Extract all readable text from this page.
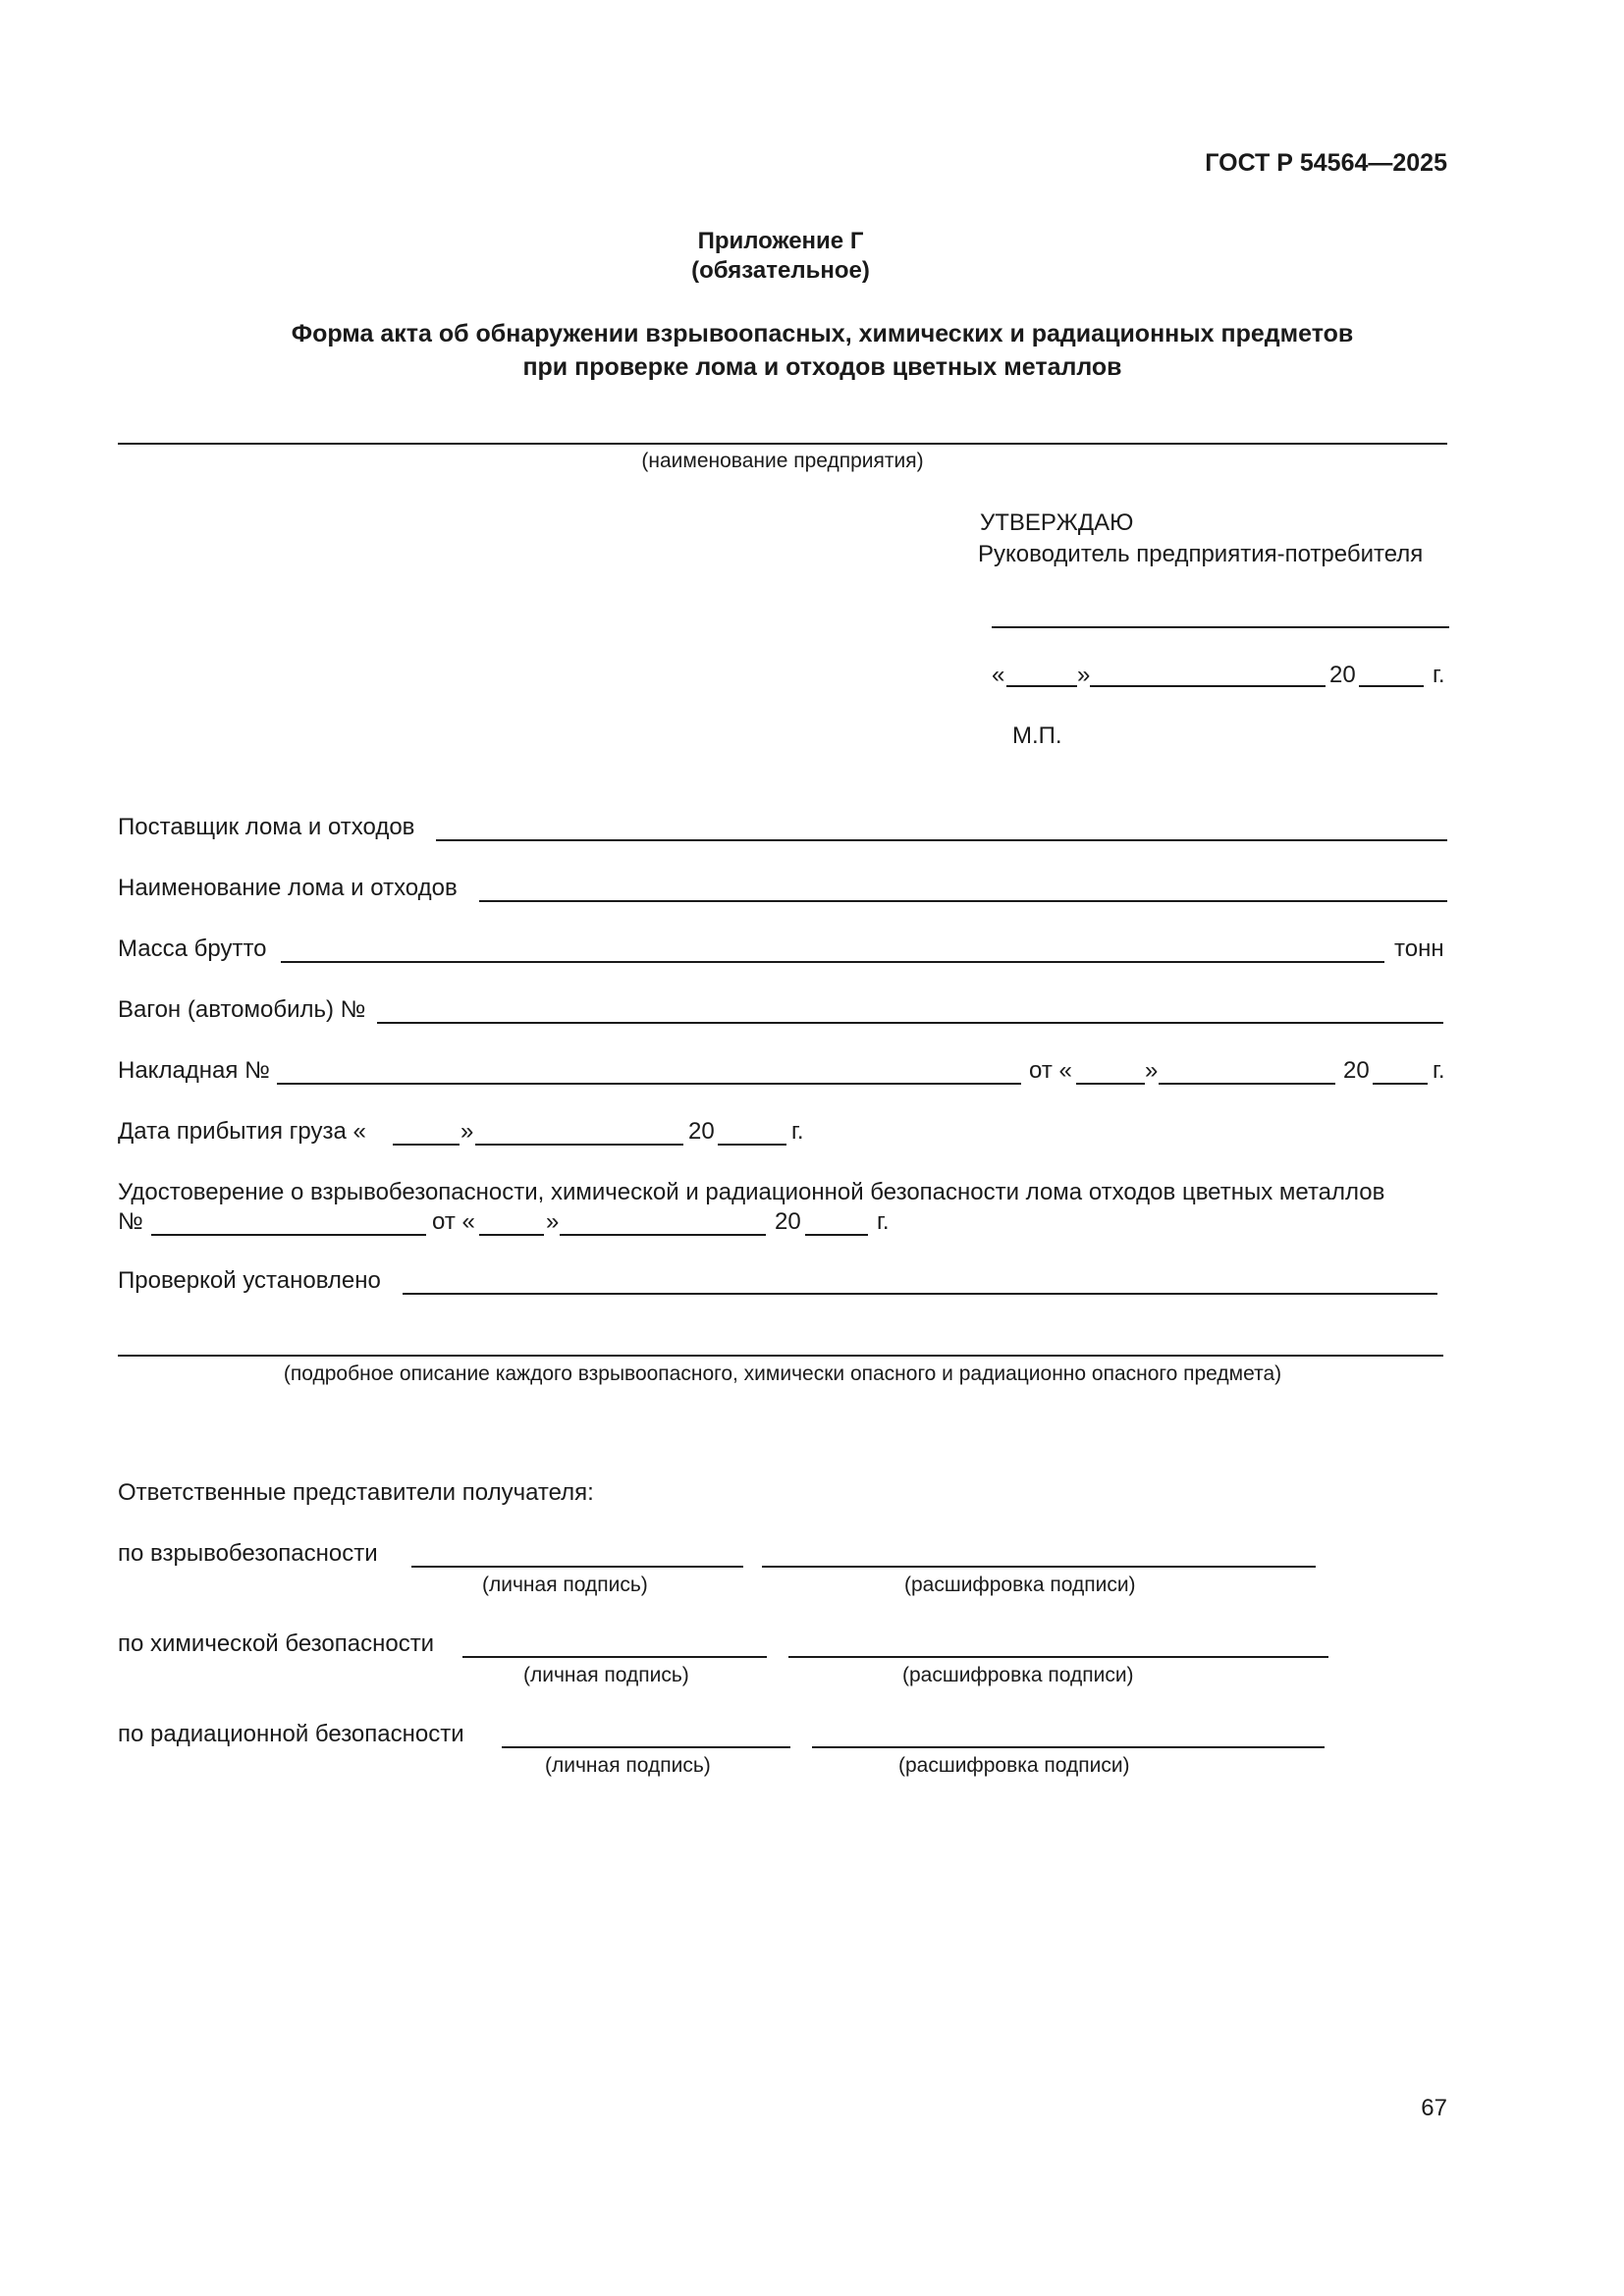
ГОСТ Р 54564—2025
Приложение Г
(обязательное)
Форма акта об обнаружении взрывоопасных, химических и радиационных предметов
при проверке лома и отходов цветных металлов
(наименование предприятия)
УТВЕРЖДАЮ
Руководитель предприятия-потребителя
«	»	20	г.
М.П.
Поставщик лома и отходов
Наименование лома и отходов
Масса брутто	тонн
Вагон (автомобиль) №
Накладная №	от «	»	20	г.
Дата прибытия груза «	»	20	г.
Удостоверение о взрывобезопасности, химической и радиационной безопасности лома отходов цветных металлов
№	от «	»	20	г.
Проверкой установлено
(подробное описание каждого взрывоопасного, химически опасного и радиационно опасного предмета)
Ответственные представители получателя:
по взрывобезопасности
(личная подпись)	(расшифровка подписи)
по химической безопасности
(личная подпись)	(расшифровка подписи)
по радиационной безопасности
(личная подпись)	(расшифровка подписи)
67
